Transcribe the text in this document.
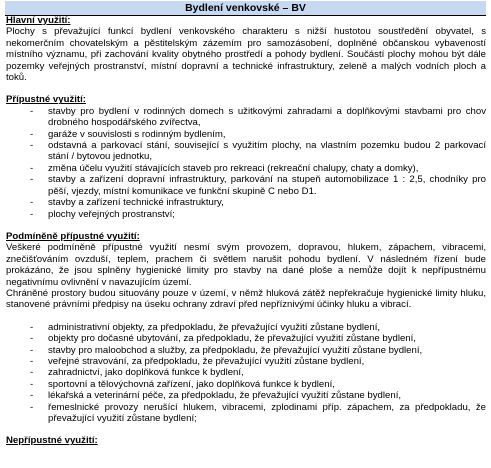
Bydlení venkovské – BV

Hlavní využití:

Plochy s převažující funkcí bydlení venkovského charakteru s nižší hustotou soustředění obyvatel, s nekomerčním chovatelským a pěstitelským zázemím pro samozásobení, doplněné občanskou vybaveností místního významu, při zachování kvality obytného prostředí a pohody bydlení. Součástí plochy mohou být dále pozemky veřejných prostranství, místní dopravní a technické infrastruktury, zeleně a malých vodních ploch a toků.

Přípustné využití:

- stavby pro bydlení v rodinných domech s užitkovými zahradami a doplňkovými stavbami pro chov drobného hospodářského zvířectva,
- garáže v souvislosti s rodinným bydlením,
- odstavná a parkovací stání, související s využitím plochy, na vlastním pozemku budou 2 parkovací stání / bytovou jednotku,
- změna účelu využití stávajících staveb pro rekreaci (rekreační chalupy, chaty a domky),
- stavby a zařízení dopravní infrastruktury, parkování na stupeň automobilizace 1 : 2,5, chodníky pro pěší, vjezdy, místní komunikace ve funkční skupině C nebo D1.
- stavby a zařízení technické infrastruktury,
- plochy veřejných prostranství;

Podmíněně přípustné využití:

Veškeré podmíněně přípustné využití nesmí svým provozem, dopravou, hlukem, zápachem, vibracemi, znečišťováním ovzduší, teplem, prachem či světlem narušit pohodu bydlení. V následném řízení bude prokázáno, že jsou splněny hygienické limity pro stavby na dané ploše a nemůže dojít k nepřípustnému negativnímu ovlivnění v navazujícím území.

Chráněné prostory budou situovány pouze v území, v němž hluková zátěž nepřekračuje hygienické limity hluku, stanovené právními předpisy na úseku ochrany zdraví před nepříznivými účinky hluku a vibrací.

- administrativní objekty, za předpokladu, že převažující využití zůstane bydlení,
- objekty pro dočasné ubytování, za předpokladu, že převažující využití zůstane bydlení,
- stavby pro maloobchod a služby, za předpokladu, že převažující využití zůstane bydlení,
- veřejné stravování, za předpokladu, že převažující využití zůstane bydlení,
- zahradnictví, jako doplňková funkce k bydlení,
- sportovní a tělovýchovná zařízení, jako doplňková funkce k bydlení,
- lékařská a veterinární péče, za předpokladu, že převažující využití zůstane bydlení,
- řemeslnické provozy nerušící hlukem, vibracemi, zplodinami příp. zápachem, za předpokladu, že převažující využití zůstane bydlení;

Nepřípustné využití:
